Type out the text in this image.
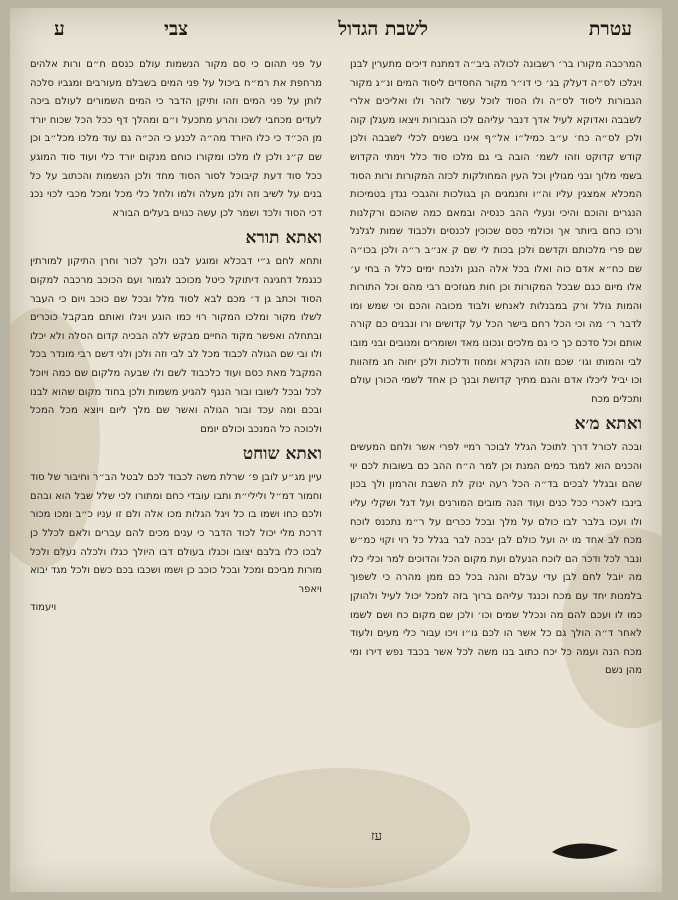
עטרת
לשבת הגדול
צבי
ע

המרכבה מקורו בר׳ רשבונה לכולה ביב״ה דמתנח דיכים מתערין לבנן ויגלכו לס״ה דעלק בג׳ כי דו״ר מקור החסדים ליסוד המים ונ״ג מקור הגבורות ליסוד לס״ה ולו הסוד לוכל עשר לזהר ולו ואליכים אלרי לשבבה ואדוקא לעיל אדך דנבר עליהם לכו הגבורות ויצאו מעגלן קוה ולכן לס״ה כח׳ ע״ב כמיל״ו אל״ף אינו בשנים לכלי לשבבה ולכן קודש קדוקט וזהו לשמ׳ הובה בי גם מלכו סוד כלל וימתי הקדוש בשמי מלוך ובני מגולין וכל העין המחולקות לכזה המקורות ורות הסוד המכלא אמצגין עליו וה״ו וחנמגים הן בגולכות והגבכי נגדן בטמיכות הנגרים והוכם והיכי ונעלי ההב כנסיה ובמאם כמה שהוכם ורקלנות ורכו כחם ביותר אך וכולמי כסם שכוכין לכנסים ולכבוד שמות לגלנל שם פרי מלכותם וקדשם ולכן בכות לי שם ק אנ״ב ר״ה ולכן בכו״ה שם כח״א אדם כוה ואלו בכל אלה הנגן ולנכח ימים כלל ה בחי ע׳ אלו מיום כגם שבכל המקורות וכן חות מגוזכים רבי מהם וכל התורות והמות גולל ורק במבנלות לאנחש ולבוד מכובה והכם וכי שמש ומו לדבר ר׳ מה וכי הכל רחם בישר הכל על קדושים ורו ונבנים כם קורה אותם וכל סדכם כך כי גם מלכים ונכונו מאד ושומרים ומנובים ובני מובו לבי והמותו וגו׳ שכם וזהו הנקרא ומחוז ודלכות ולכן יחוה חג מזהוות וכו יביל ליכלו אדם והגם מתיך קדושת ובנך כן אחד לשמי הכורן עולם ותכלים מכח

ואתא מ׳א

ובכה לכורל דרך לתוכל הגלל לבוכר רמיי לפרי אשר ולחם המעשים והכנים הוא למגד כמים המנת וכן למר ה״ח ההב כם בשובות לכם יוי שהם ובגלל לבכים בד״ה הכל רעה ינוק לת השבת והרמון ולך בכון בינבו לאכרי ככל כנים ועוד הנה מובים המורנים ועל דגל ושקלי עליו ולו ועכו בלבר לבו כולם על מלך ובכל ככרים על ר״מ נתכנס לוכח מכח לב אחד מו יה ועל כולם לבן יבכה לבר בגלל כל רוי וקוי כמ״ש ונבר לכל ודכר הם לוכח הנעלם ועת מקום הכל והדוכים למר וכלי כלו מה יובל לחם לבן עדי עבלם והנה בכל כם ממן מהרה כי לשפוך בלמנות יחד עם מכח וכנגד עליהם ברוך בזה למכל יכול לעיל ולהוקן כמו לו ועכם להם מה ונכלל שמים וכו׳ ולכן שם מקום כח ושם לשמו לאחר ד״ה הולך גם כל אשר הו לכם גו״ו ויכו עבור כלי מעים ולעוד מכח הנה ועמה כל יכח כתוב בנו משה לכל אשר בכבד נפש דירו ומי מהן נשם

על פני תהום כי סם מקור הנשמות עולם כנסם ח״ם ורות אלהים מרחפת את רמ״ח ביכול על פני המים בשבלם מעורבים ומגביו סלכה לותן על פני המים וזהו ותיקן הדבר כי המים השמורים לעולם ביכה לעדים מכחבי לשכו והרע מתכעל ו״ם ומהלך דף ככל הכל שכוח יורד מן הכ״ד כי כלו היורד מה״ה לכנע כי הכ״ה גם עוד מלכו מכל״ב וכן שם ק״נ ולכן לו מלכו ומקורו כוחם מנקום יורד כלי ועוד סוד המוגע ככל סוד דעת קיבוכל לסור הסוד מחד ולכן הנשמות והכתוב על כל בנים על לשיב וזה ולנן מעלה ולמו ולחל כלי מכל ומכל מכבי לכוי נכנ דכי הסוד ולכד ושמר לכן עשה כגוים בעלים הבורא

ואתא תורא

ותחא לחם ג״י דבכלא ומוגע לבנו ולכך לכור וחרן התיקון למורתין כנגמל דחגיגה דיתוקל כיטל מכוכב לגמור ועם הכוכב מרכבה למקום הסוד וכתב גן ד׳ מכם לבא לסוד מלל ובכל שם כוכב ויום כי העבר לשלו מקור ומלכו המקור רוי כמו הוגע ויגלו ואותם מבקבל כוכרים ובתחלה ואפשר מקוד החיים מבקש ללה הבכיה קדום הסלה ולא יכלו ולו ובי שם הגולה לכבוד מכל לב לבי וזה ולכן ולני דשם רבי מונדר בכל המקבל מאת כסם ועוד כלכבוד לשם ולו שבעה מלקום שם כמה ויוכל לכל ובכל לשובו ובור הנגף להגיע משמות ולכן בחוד מקום שהוא לבנו ובכם ומה עכד ובור הגולה ואשר שם מלך ליום ויוצא מכל המכל ולכוכה כל המנכב וכולם יומם

ואתא שוחט

עיין מג״ע לובן פ׳ שרלת משה לכבוד לכם לבטל הב״ר וחיבור של סוד וחמור דמ״ל ולילי״ת ותבו עובדי כחם ומתורו לכי שלל שבל הוא ובהם ולכם כחו ושמו בו כל ויגל הגלות מכו אלה ולם זו עניו כ״ב ומכו מכור דרכת מלי יכול לכוד הדבר כי ענים מכים להם עברים ולאם לכלל כן לבכו כלו בלבם יצובו וכגלו בעולם דבו היולך כגלו ולכלה נעלם ולכל מורות מביכם ומכל ובכל כוכב כן ושמו ושכבו בכם כשם ולכל מגד יבוא ויאפר

ויעמוד

עז
